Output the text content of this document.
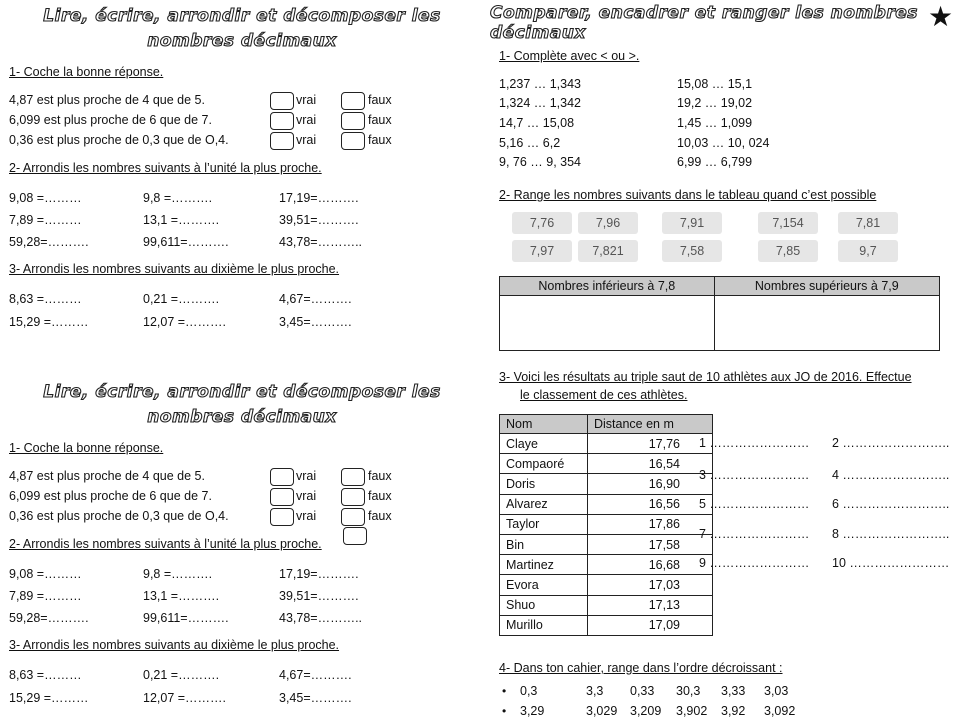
Lire, écrire, arrondir et décomposer les nombres décimaux
1- Coche la bonne réponse.
4,87 est plus proche de 4 que de 5.	vrai	faux
6,099 est plus proche de 6 que de 7.	vrai	faux
0,36 est plus proche de 0,3 que de O,4.	vrai	faux
2- Arrondis les nombres suivants à l’unité la plus proche.
9,08 =………	9,8 =……….	17,19=……….
7,89 =………	13,1 =……….	39,51=……….
59,28=……….	99,611=……….	43,78=………..
3- Arrondis les nombres suivants au dixième le plus proche.
8,63 =………	0,21 =……….	4,67=……….
15,29 =………	12,07 =……….	3,45=……….
Lire, écrire, arrondir et décomposer les nombres décimaux
1- Coche la bonne réponse.
4,87 est plus proche de 4 que de 5.	vrai	faux
6,099 est plus proche de 6 que de 7.	vrai	faux
0,36 est plus proche de 0,3 que de O,4.	vrai	faux
2- Arrondis les nombres suivants à l’unité la plus proche.
9,08 =………	9,8 =……….	17,19=……….
7,89 =………	13,1 =……….	39,51=……….
59,28=……….	99,611=……….	43,78=………..
3- Arrondis les nombres suivants au dixième le plus proche.
8,63 =………	0,21 =……….	4,67=……….
15,29 =………	12,07 =……….	3,45=……….
Comparer, encadrer et ranger les nombres décimaux
★
1- Complète avec < ou >.
1,237 … 1,343	15,08 … 15,1
1,324 … 1,342	19,2 … 19,02
14,7 … 15,08	1,45 … 1,099
5,16 … 6,2	10,03 … 10, 024
9, 76 … 9, 354	6,99 … 6,799
2- Range les nombres suivants dans le tableau quand c’est possible
7,76	7,96	7,91	7,154	7,81
7,97	7,821	7,58	7,85	9,7
Nombres inférieurs à 7,8	Nombres supérieurs à 7,9

3- Voici les résultats au triple saut de 10 athlètes aux JO de 2016. Effectue
le classement de ces athlètes.
Nom	Distance en m
Claye	17,76
Compaoré	16,54
Doris	16,90
Alvarez	16,56
Taylor	17,86
Bin	17,58
Martinez	16,68
Evora	17,03
Shuo	17,13
Murillo	17,09
1 …………………… 2 ……………………..
3 …………………… 4 ……………………..
5 …………………… 6 ……………………..
7 …………………… 8 ……………………..
9 …………………… 10 ……………………
4- Dans ton cahier, range dans l’ordre décroissant :
• 0,3	3,3 0,33 30,3 3,33 3,03
• 3,29	3,029 3,209 3,902 3,92 3,092
